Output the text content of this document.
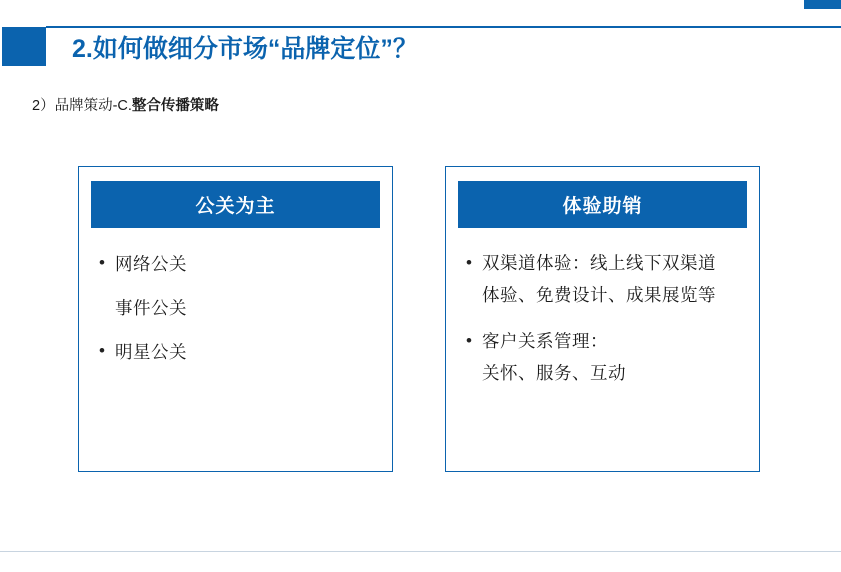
2.如何做细分市场“品牌定位”？
2）品牌策动-C.整合传播策略
公关为主
• 网络公关
事件公关
• 明星公关
体验助销
• 双渠道体验：线上线下双渠道
体验、免费设计、成果展览等
• 客户关系管理：
关怀、服务、互动
